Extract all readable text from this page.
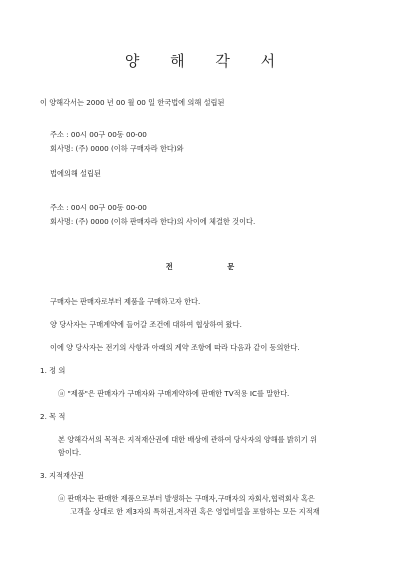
양 해 각 서
이 양해각서는 2000 년 00 월 00 일 한국법에 의해 설립된
주소 : 00시 00구 00동 00-00
회사명: (주) 0000 (이하 구매자라 한다)와
법에의해 설립된
주소 : 00시 00구 00동 00-00
회사명: (주) 0000 (이하 판매자라 한다)의 사이에 체결한 것이다.
전	문
구매자는 판매자로부터 제품을 구매하고자 한다.
양 당사자는 구매계약에 들어갈 조건에 대하여 협상하여 왔다.
이에 양 당사자는 전기의 사항과 아래의 계약 조항에 따라 다음과 같이 동의한다.
1. 정 의
ⓐ "제품"은 판매자가 구매자와 구매계약하에 판매한 TV적용 IC를 말한다.
2. 목 적
본 양해각서의 목적은 지적재산권에 대한 배상에 관하여 당사자의 양해를 밝히기 위
함이다.
3. 지적재산권
ⓐ 판매자는 판매한 제품으로부터 발생하는 구매자,구매자의 자회사,협력회사 혹은
고객을 상대로 한 제3자의 특허권,저작권 혹은 영업비밀을 포함하는 모든 지적재
